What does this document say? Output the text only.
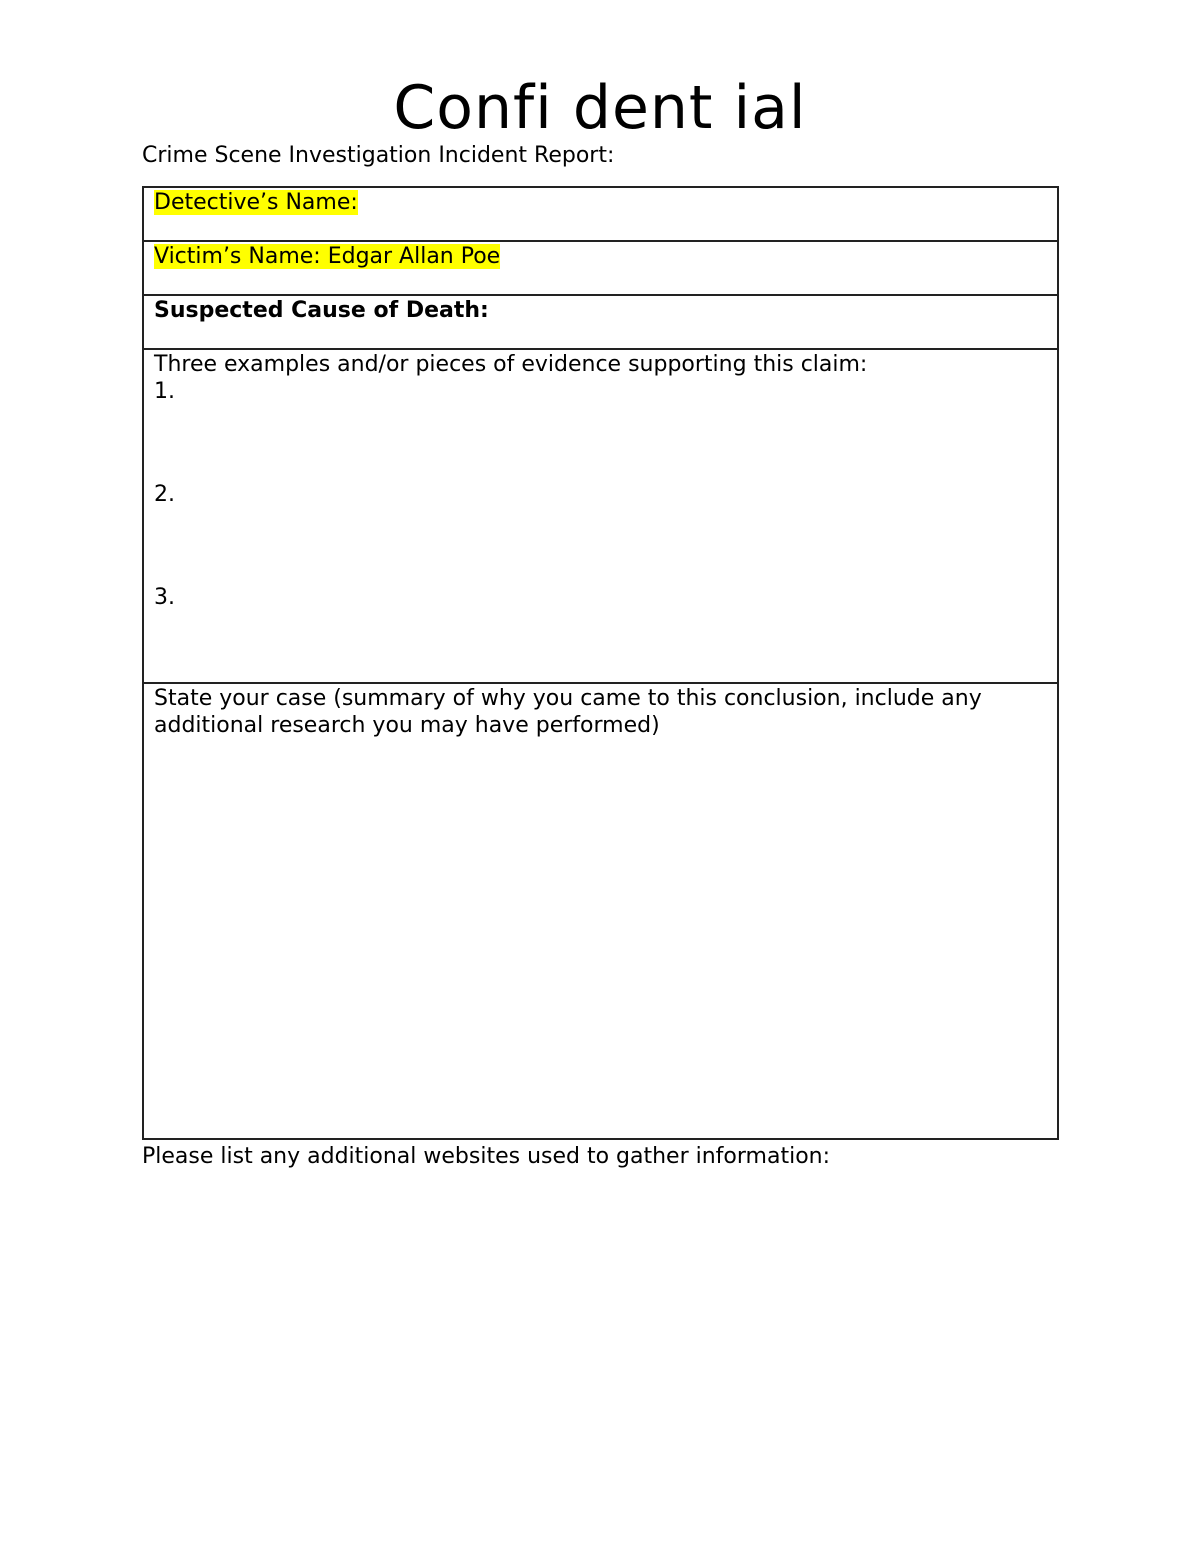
Confi dent ial
Crime Scene Investigation Incident Report:
Detective’s Name:
Victim’s Name: Edgar Allan Poe
Suspected Cause of Death:

Three examples and/or pieces of evidence supporting this claim:
1.
2.
3.

State your case (summary of why you came to this conclusion, include any additional research you may have performed)
Please list any additional websites used to gather information:
